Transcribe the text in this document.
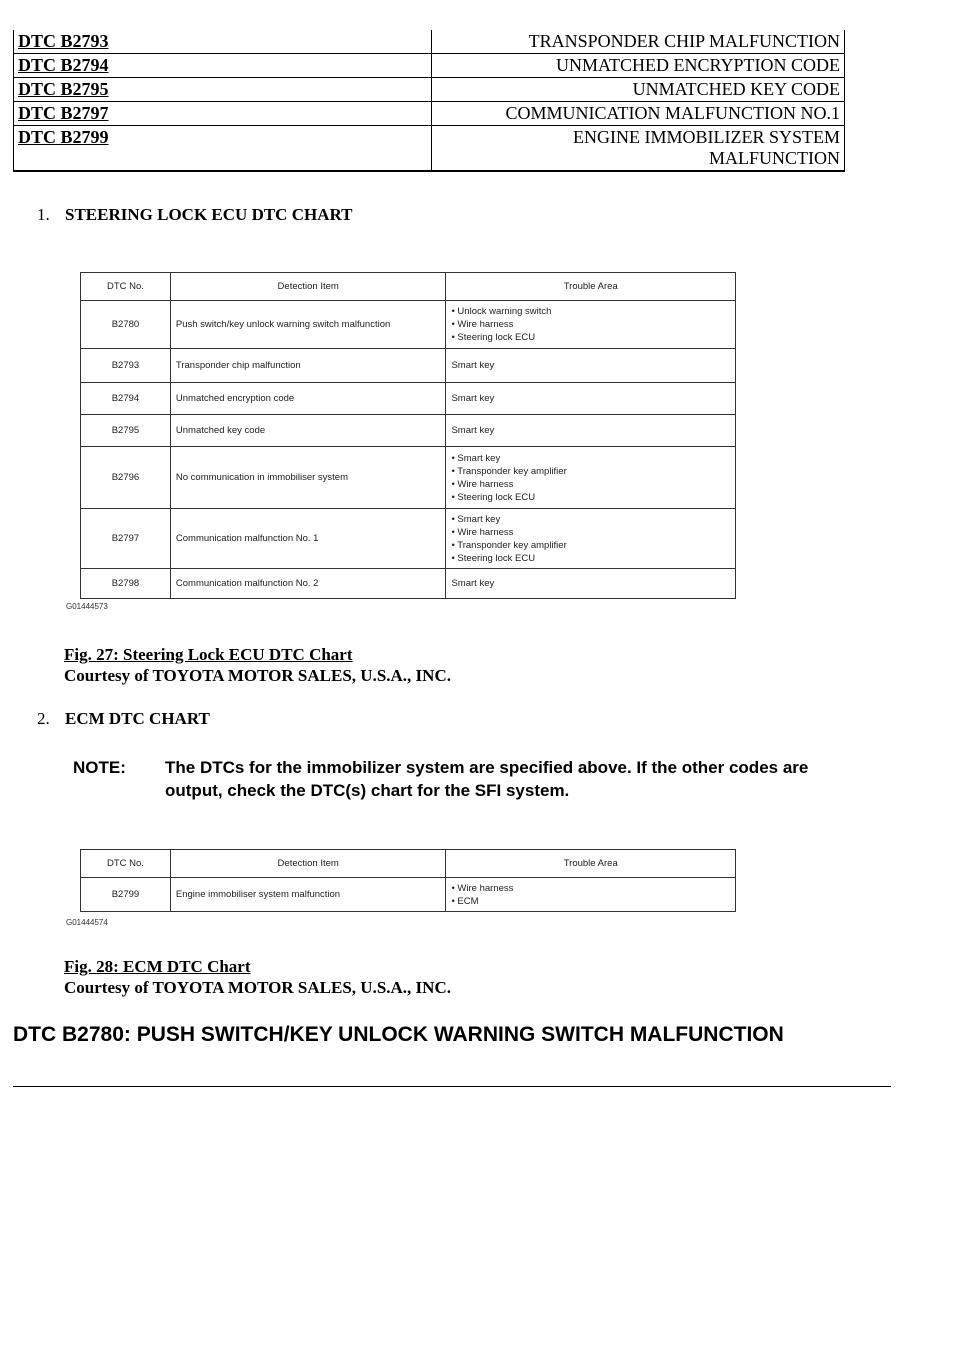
DTC B2793	TRANSPONDER CHIP MALFUNCTION
DTC B2794	UNMATCHED ENCRYPTION CODE
DTC B2795	UNMATCHED KEY CODE
DTC B2797	COMMUNICATION MALFUNCTION NO.1
DTC B2799	ENGINE IMMOBILIZER SYSTEM
MALFUNCTION
1. STEERING LOCK ECU DTC CHART
DTC No.	Detection Item	Trouble Area
B2780	Push switch/key unlock warning switch malfunction	• Unlock warning switch
• Wire harness
• Steering lock ECU

B2793	Transponder chip malfunction	Smart key
B2794	Unmatched encryption code	Smart key
B2795	Unmatched key code	Smart key
B2796	No communication in immobiliser system	• Smart key
• Transponder key amplifier
• Wire harness
• Steering lock ECU

B2797	Communication malfunction No. 1	• Smart key
• Wire harness
• Transponder key amplifier
• Steering lock ECU

B2798	Communication malfunction No. 2	Smart key
G01444573
Fig. 27: Steering Lock ECU DTC Chart
Courtesy of TOYOTA MOTOR SALES, U.S.A., INC.
2. ECM DTC CHART
NOTE:	The DTCs for the immobilizer system are specified above. If the other codes are output, check the DTC(s) chart for the SFI system.
DTC No.	Detection Item	Trouble Area
B2799	Engine immobiliser system malfunction	• Wire harness
• ECM
G01444574
Fig. 28: ECM DTC Chart
Courtesy of TOYOTA MOTOR SALES, U.S.A., INC.
DTC B2780: PUSH SWITCH/KEY UNLOCK WARNING SWITCH MALFUNCTION
